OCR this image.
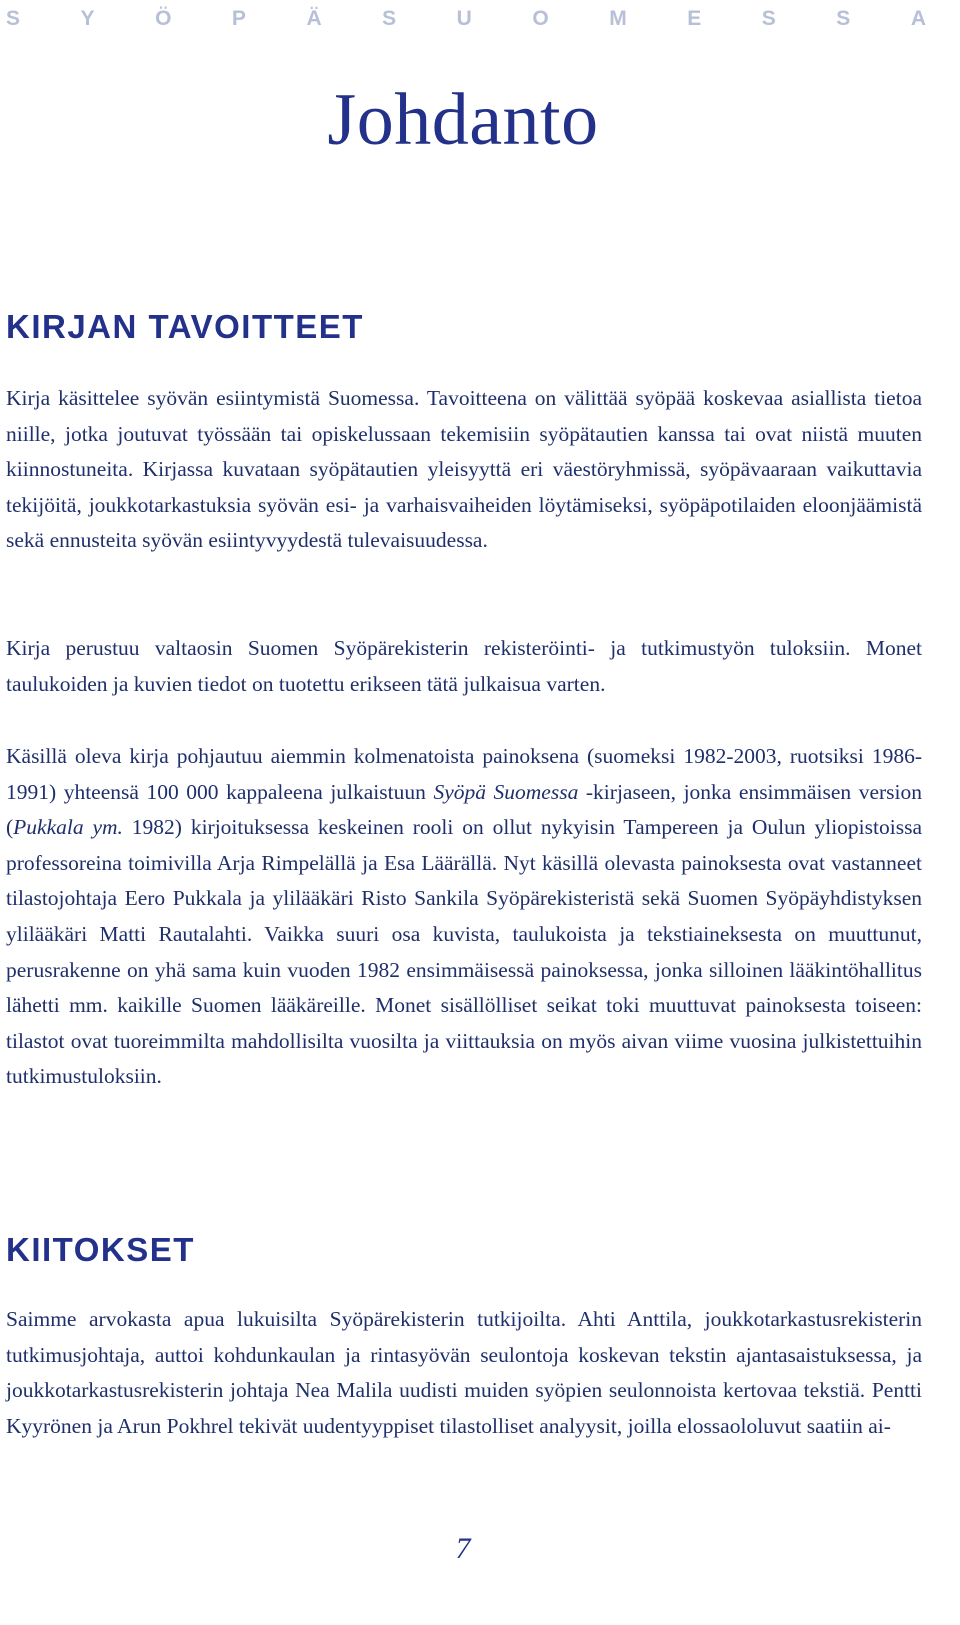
S	Y	Ö	P	Ä	S	U	O	M	E	S	S	A
Johdanto
KIRJAN TAVOITTEET

Kirja käsittelee syövän esiintymistä Suomessa. Tavoitteena on välittää syöpää koskevaa asiallista tietoa niille, jotka joutuvat työssään tai opiskelussaan tekemisiin syöpätautien kanssa tai ovat niistä muuten kiinnostuneita. Kirjassa kuvataan syöpätautien yleisyyttä eri väestöryhmissä, syöpävaaraan vaikuttavia tekijöitä, joukkotarkastuksia syövän esi- ja varhaisvaiheiden löytämiseksi, syöpäpotilaiden eloonjäämistä sekä ennusteita syövän esiintyvyydestä tulevaisuudessa.

Kirja perustuu valtaosin Suomen Syöpärekisterin rekisteröinti- ja tutkimustyön tuloksiin. Monet taulukoiden ja kuvien tiedot on tuotettu erikseen tätä julkaisua varten.

Käsillä oleva kirja pohjautuu aiemmin kolmenatoista painoksena (suomeksi 1982-2003, ruotsiksi 1986-1991) yhteensä 100 000 kappaleena julkaistuun Syöpä Suomessa -kirjaseen, jonka ensimmäisen version (Pukkala ym. 1982) kirjoituksessa keskeinen rooli on ollut nykyisin Tampereen ja Oulun yliopistoissa professoreina toimivilla Arja Rimpelällä ja Esa Läärällä. Nyt käsillä olevasta painoksesta ovat vastanneet tilastojohtaja Eero Pukkala ja ylilääkäri Risto Sankila Syöpärekisteristä sekä Suomen Syöpäyhdistyksen ylilääkäri Matti Rautalahti. Vaikka suuri osa kuvista, taulukoista ja tekstiaineksesta on muuttunut, perusrakenne on yhä sama kuin vuoden 1982 ensimmäisessä painoksessa, jonka silloinen lääkintöhallitus lähetti mm. kaikille Suomen lääkäreille. Monet sisällölliset seikat toki muuttuvat painoksesta toiseen: tilastot ovat tuoreimmilta mahdollisilta vuosilta ja viittauksia on myös aivan viime vuosina julkistettuihin tutkimustuloksiin.

KIITOKSET

Saimme arvokasta apua lukuisilta Syöpärekisterin tutkijoilta. Ahti Anttila, joukkotarkastusrekisterin tutkimusjohtaja, auttoi kohdunkaulan ja rintasyövän seulontoja koskevan tekstin ajantasaistuksessa, ja joukkotarkastusrekisterin johtaja Nea Malila uudisti muiden syöpien seulonnoista kertovaa tekstiä. Pentti Kyyrönen ja Arun Pokhrel tekivät uudentyyppiset tilastolliset analyysit, joilla elossaololuvut saatiin ai-

7
